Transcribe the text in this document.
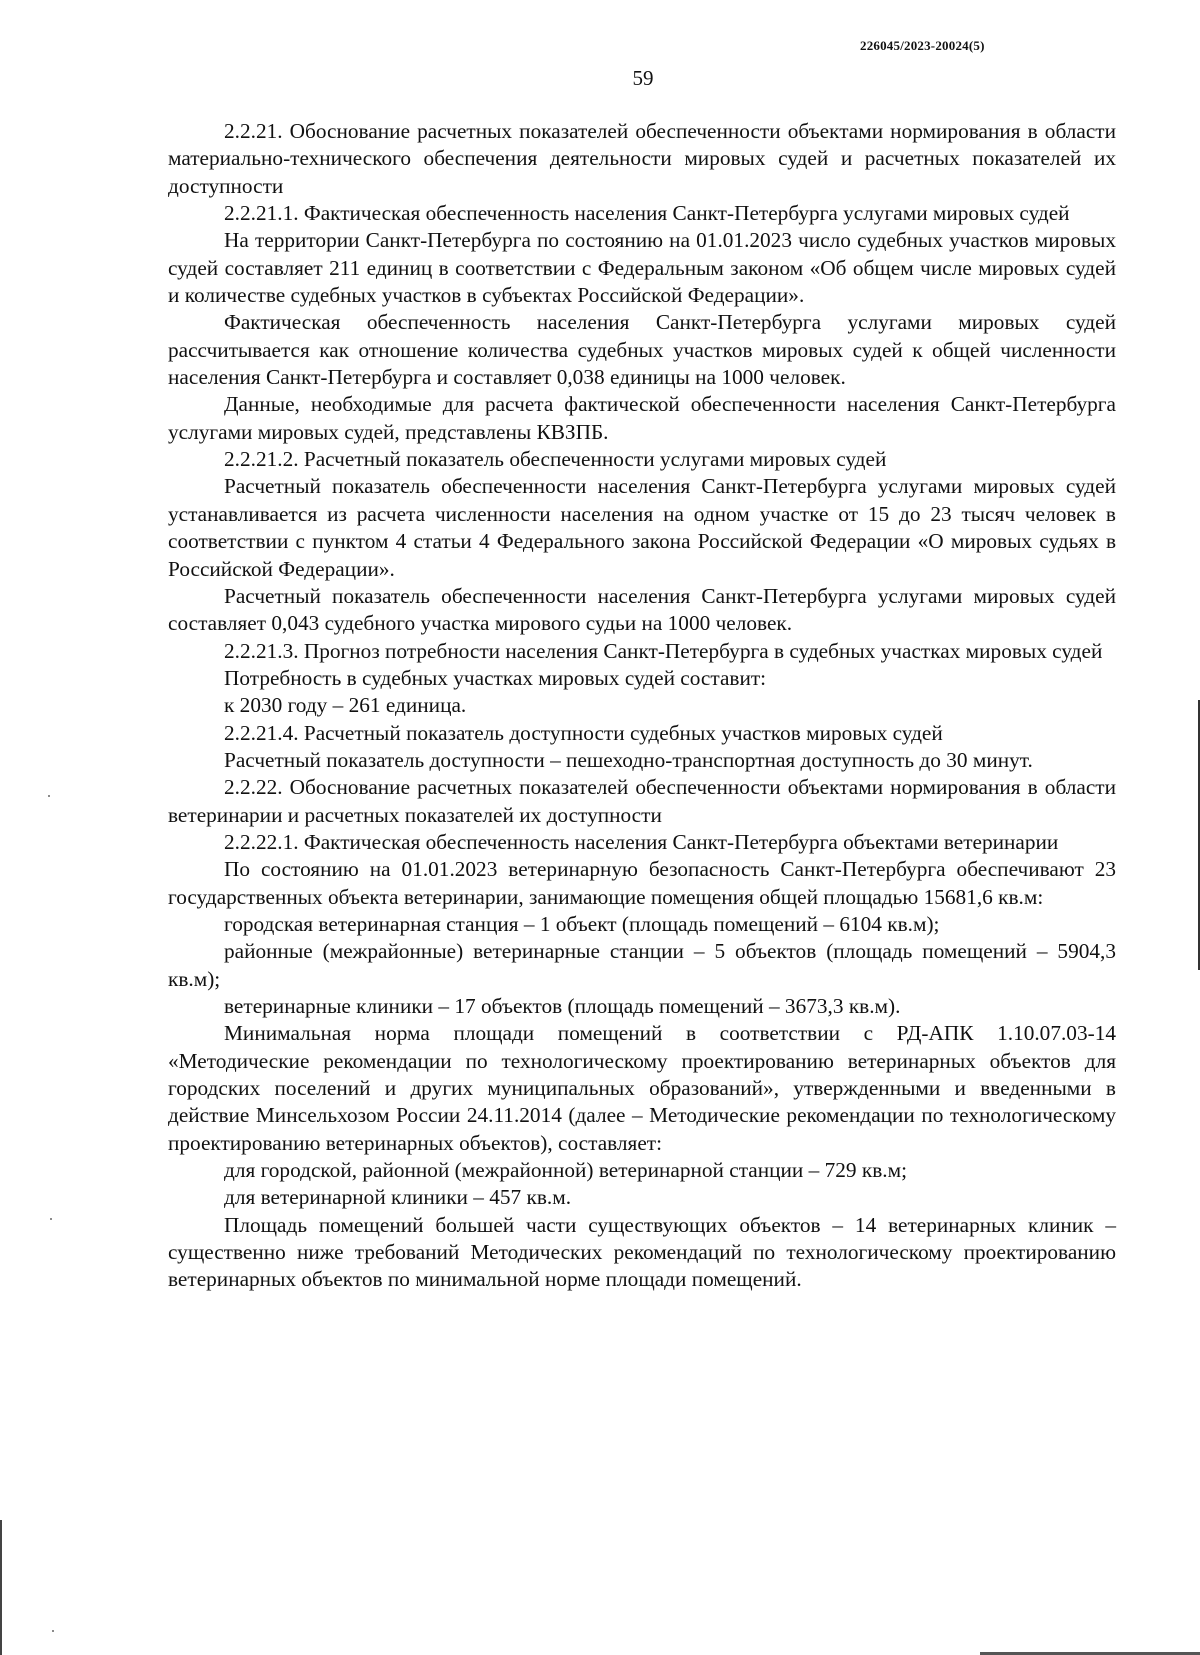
226045/2023-20024(5)
59

2.2.21. Обоснование расчетных показателей обеспеченности объектами нормирования в области материально-технического обеспечения деятельности мировых судей и расчетных показателей их доступности

2.2.21.1. Фактическая обеспеченность населения Санкт-Петербурга услугами мировых судей

На территории Санкт-Петербурга по состоянию на 01.01.2023 число судебных участков мировых судей составляет 211 единиц в соответствии с Федеральным законом «Об общем числе мировых судей и количестве судебных участков в субъектах Российской Федерации».

Фактическая обеспеченность населения Санкт-Петербурга услугами мировых судей рассчитывается как отношение количества судебных участков мировых судей к общей численности населения Санкт-Петербурга и составляет 0,038 единицы на 1000 человек.

Данные, необходимые для расчета фактической обеспеченности населения Санкт-Петербурга услугами мировых судей, представлены КВЗПБ.

2.2.21.2. Расчетный показатель обеспеченности услугами мировых судей

Расчетный показатель обеспеченности населения Санкт-Петербурга услугами мировых судей устанавливается из расчета численности населения на одном участке от 15 до 23 тысяч человек в соответствии с пунктом 4 статьи 4 Федерального закона Российской Федерации «О мировых судьях в Российской Федерации».

Расчетный показатель обеспеченности населения Санкт-Петербурга услугами мировых судей составляет 0,043 судебного участка мирового судьи на 1000 человек.

2.2.21.3. Прогноз потребности населения Санкт-Петербурга в судебных участках мировых судей

Потребность в судебных участках мировых судей составит:

к 2030 году – 261 единица.

2.2.21.4. Расчетный показатель доступности судебных участков мировых судей

Расчетный показатель доступности – пешеходно-транспортная доступность до 30 минут.

2.2.22. Обоснование расчетных показателей обеспеченности объектами нормирования в области ветеринарии и расчетных показателей их доступности

2.2.22.1. Фактическая обеспеченность населения Санкт-Петербурга объектами ветеринарии

По состоянию на 01.01.2023 ветеринарную безопасность Санкт-Петербурга обеспечивают 23 государственных объекта ветеринарии, занимающие помещения общей площадью 15681,6 кв.м:

городская ветеринарная станция – 1 объект (площадь помещений – 6104 кв.м);

районные (межрайонные) ветеринарные станции – 5 объектов (площадь помещений – 5904,3 кв.м);

ветеринарные клиники – 17 объектов (площадь помещений – 3673,3 кв.м).

Минимальная норма площади помещений в соответствии с РД-АПК 1.10.07.03-14 «Методические рекомендации по технологическому проектированию ветеринарных объектов для городских поселений и других муниципальных образований», утвержденными и введенными в действие Минсельхозом России 24.11.2014 (далее – Методические рекомендации по технологическому проектированию ветеринарных объектов), составляет:

для городской, районной (межрайонной) ветеринарной станции – 729 кв.м;

для ветеринарной клиники – 457 кв.м.

Площадь помещений большей части существующих объектов – 14 ветеринарных клиник – существенно ниже требований Методических рекомендаций по технологическому проектированию ветеринарных объектов по минимальной норме площади помещений.
